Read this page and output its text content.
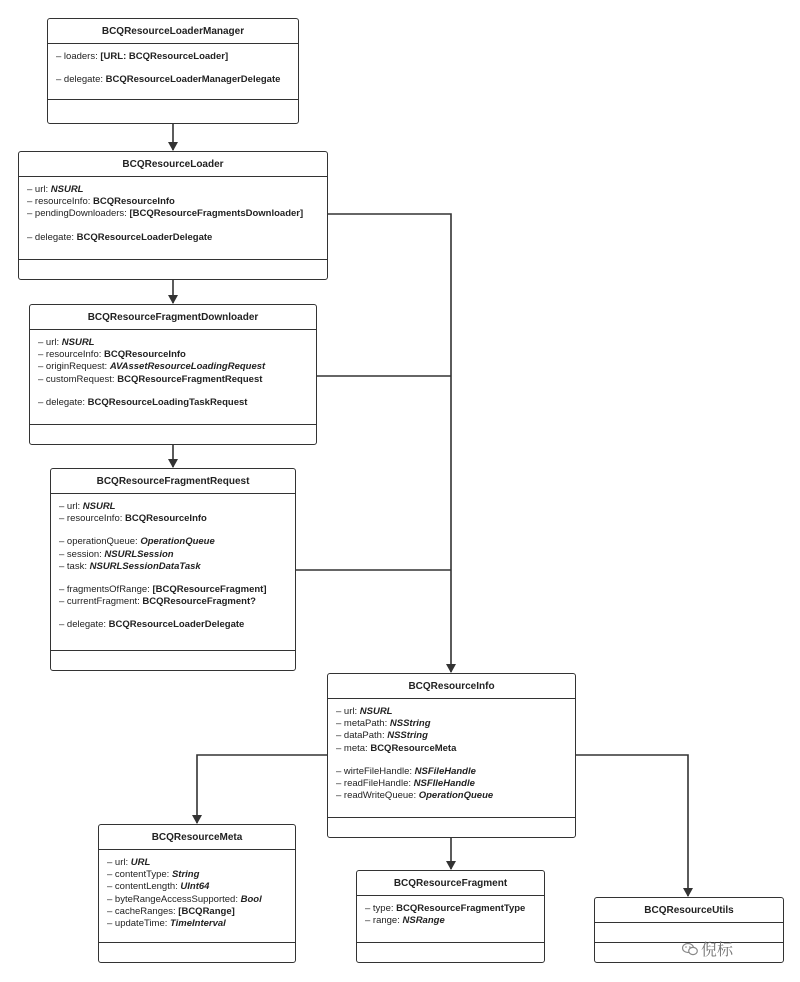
BCQResourceLoaderManager
– loaders: [URL: BCQResourceLoader]
– delegate: BCQResourceLoaderManagerDelegate
BCQResourceLoader
– url: NSURL
– resourceInfo: BCQResourceInfo
– pendingDownloaders: [BCQResourceFragmentsDownloader]
– delegate: BCQResourceLoaderDelegate
BCQResourceFragmentDownloader
– url: NSURL
– resourceInfo: BCQResourceInfo
– originRequest: AVAssetResourceLoadingRequest
– customRequest: BCQResourceFragmentRequest
– delegate: BCQResourceLoadingTaskRequest
BCQResourceFragmentRequest
– url: NSURL
– resourceInfo: BCQResourceInfo
– operationQueue: OperationQueue
– session: NSURLSession
– task: NSURLSessionDataTask
– fragmentsOfRange: [BCQResourceFragment]
– currentFragment: BCQResourceFragment?
– delegate: BCQResourceLoaderDelegate
BCQResourceInfo
– url: NSURL
– metaPath: NSString
– dataPath: NSString
– meta: BCQResourceMeta
– wirteFileHandle: NSFileHandle
– readFileHandle: NSFIleHandle
– readWriteQueue: OperationQueue
BCQResourceMeta
– url: URL
– contentType: String
– contentLength: UInt64
– byteRangeAccessSupported: Bool
– cacheRanges: [BCQRange]
– updateTime: TimeInterval
BCQResourceFragment
– type: BCQResourceFragmentType
– range: NSRange
BCQResourceUtils
倪标
